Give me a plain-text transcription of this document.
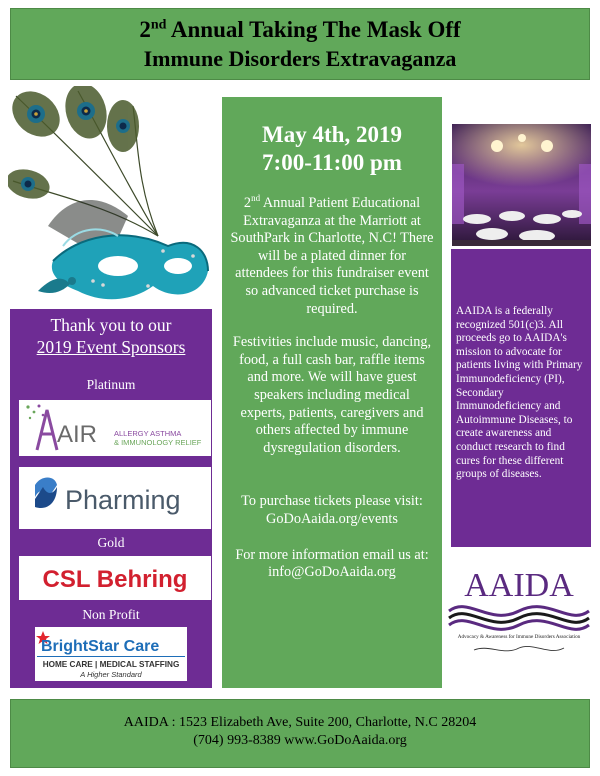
2nd Annual Taking The Mask Off
Immune Disorders Extravaganza
May 4th, 2019
7:00-11:00 pm
2nd Annual Patient Educational Extravaganza at the Marriott at SouthPark in Charlotte, N.C! There will be a plated dinner for attendees for this fundraiser event so advanced ticket purchase is required.
Festivities include music, dancing, food, a full cash bar, raffle items and more. We will have guest speakers including medical experts, patients, caregivers and others affected by immune dysregulation disorders.
To purchase tickets please visit:
GoDoAaida.org/events
For more information email us at:
info@GoDoAaida.org
AAIDA is a federally recognized 501(c)3. All proceeds go to AAIDA's mission to advocate for patients living with Primary Immunodeficiency (PI), Secondary Immunodeficiency and Autoimmune Diseases, to create awareness and conduct research to find cures for these different groups of diseases.
Thank you to our
2019 Event Sponsors
Platinum
AIR ALLERGY ASTHMA
& IMMUNOLOGY RELIEF
Pharming
Gold
CSL Behring
Non Profit
BrightStar Care
HOME CARE | MEDICAL STAFFING
A Higher Standard
AAIDA
Advocacy & Awareness for Immune Disorders Association
AAIDA : 1523 Elizabeth Ave, Suite 200, Charlotte, N.C 28204
(704) 993-8389 www.GoDoAaida.org
